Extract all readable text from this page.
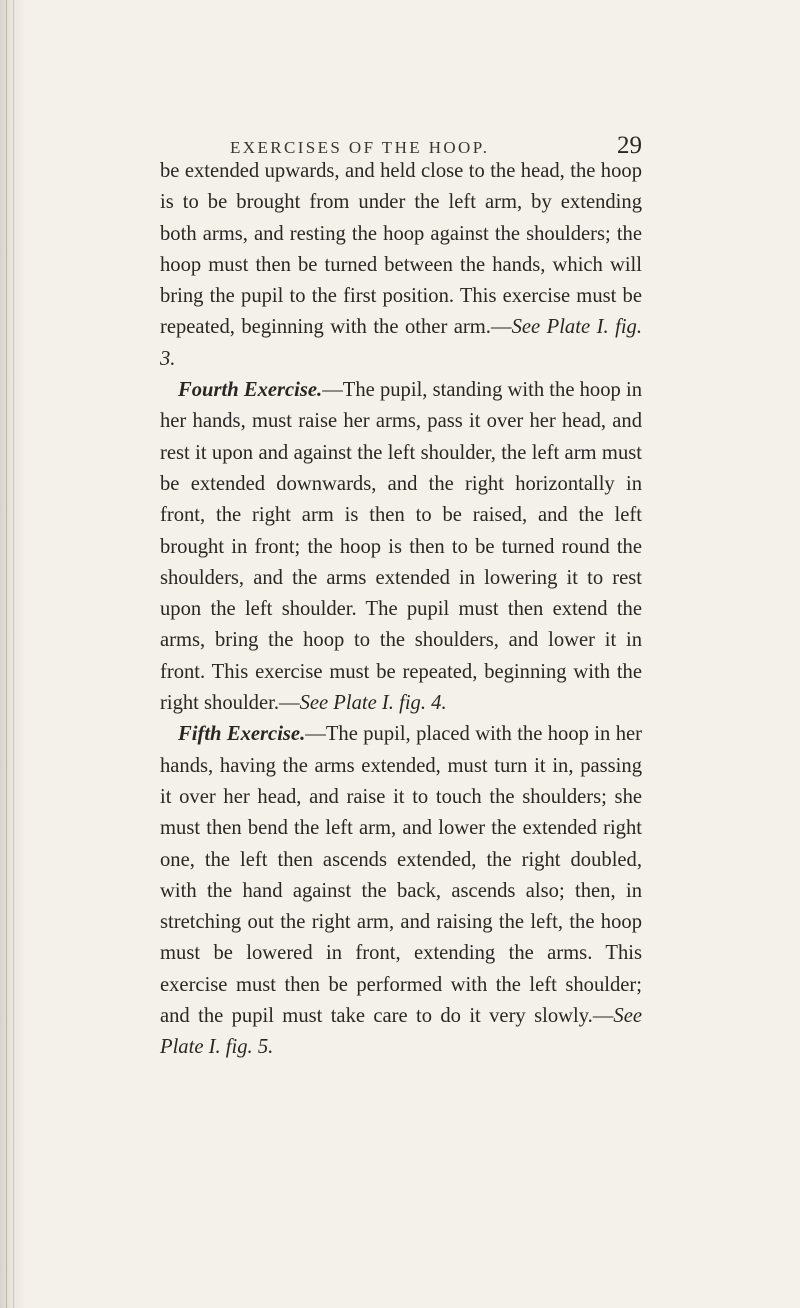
EXERCISES OF THE HOOP.	29

be extended upwards, and held close to the head, the hoop is to be brought from under the left arm, by extending both arms, and resting the hoop against the shoulders; the hoop must then be turned between the hands, which will bring the pupil to the first position. This exercise must be repeated, beginning with the other arm.—See Plate I. fig. 3.

Fourth Exercise.—The pupil, standing with the hoop in her hands, must raise her arms, pass it over her head, and rest it upon and against the left shoulder, the left arm must be extended downwards, and the right horizontally in front, the right arm is then to be raised, and the left brought in front; the hoop is then to be turned round the shoulders, and the arms extended in lowering it to rest upon the left shoulder. The pupil must then extend the arms, bring the hoop to the shoulders, and lower it in front. This exercise must be repeated, beginning with the right shoulder.—See Plate I. fig. 4.

Fifth Exercise.—The pupil, placed with the hoop in her hands, having the arms extended, must turn it in, passing it over her head, and raise it to touch the shoulders; she must then bend the left arm, and lower the extended right one, the left then ascends extended, the right doubled, with the hand against the back, ascends also; then, in stretching out the right arm, and raising the left, the hoop must be lowered in front, extending the arms. This exercise must then be performed with the left shoulder; and the pupil must take care to do it very slowly.—See Plate I. fig. 5.
